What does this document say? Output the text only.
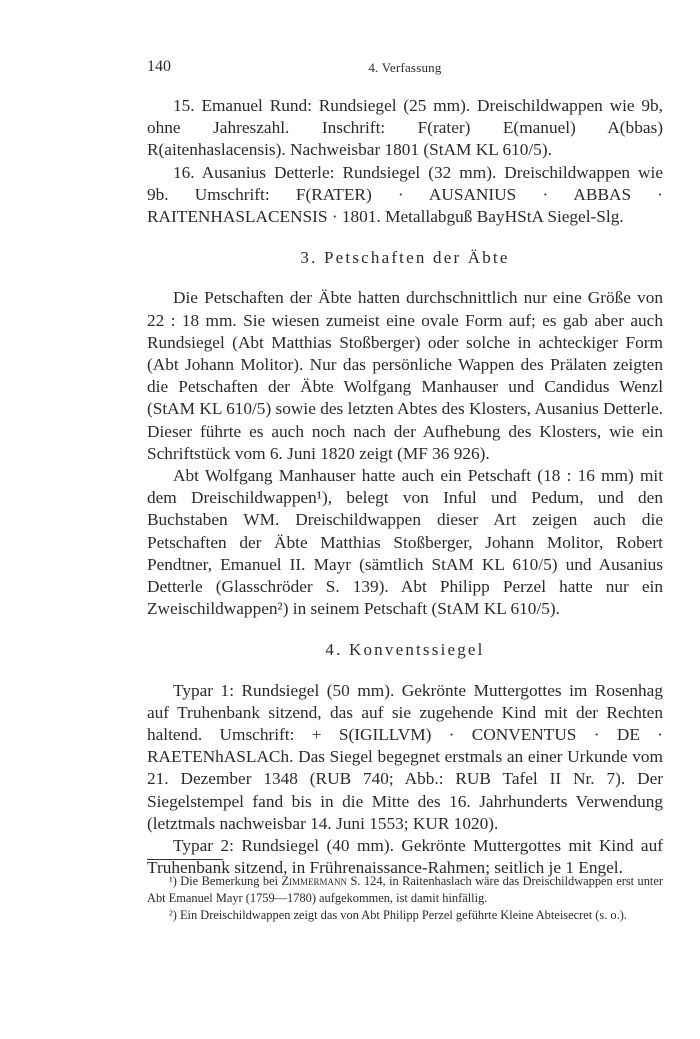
140	4. Verfassung

15. Emanuel Rund: Rundsiegel (25 mm). Dreischildwappen wie 9b, ohne Jahreszahl. Inschrift: F(rater) E(manuel) A(bbas) R(aitenhaslacensis). Nachweisbar 1801 (StAM KL 610/5).

16. Ausanius Detterle: Rundsiegel (32 mm). Dreischildwappen wie 9b. Umschrift: F(RATER) · AUSANIUS · ABBAS · RAITENHASLACENSIS · 1801. Metallabguß BayHStA Siegel-Slg.

3. Petschaften der Äbte

Die Petschaften der Äbte hatten durchschnittlich nur eine Größe von 22 : 18 mm. Sie wiesen zumeist eine ovale Form auf; es gab aber auch Rundsiegel (Abt Matthias Stoßberger) oder solche in achteckiger Form (Abt Johann Molitor). Nur das persönliche Wappen des Prälaten zeigten die Petschaften der Äbte Wolfgang Manhauser und Candidus Wenzl (StAM KL 610/5) sowie des letzten Abtes des Klosters, Ausanius Detterle. Dieser führte es auch noch nach der Aufhebung des Klosters, wie ein Schriftstück vom 6. Juni 1820 zeigt (MF 36 926).

Abt Wolfgang Manhauser hatte auch ein Petschaft (18 : 16 mm) mit dem Dreischildwappen¹), belegt von Inful und Pedum, und den Buchstaben WM. Dreischildwappen dieser Art zeigen auch die Petschaften der Äbte Matthias Stoßberger, Johann Molitor, Robert Pendtner, Emanuel II. Mayr (sämtlich StAM KL 610/5) und Ausanius Detterle (Glasschröder S. 139). Abt Philipp Perzel hatte nur ein Zweischildwappen²) in seinem Petschaft (StAM KL 610/5).

4. Konventssiegel

Typar 1: Rundsiegel (50 mm). Gekrönte Muttergottes im Rosenhag auf Truhenbank sitzend, das auf sie zugehende Kind mit der Rechten haltend. Umschrift: + S(IGILLVM) · CONVENTUS · DE · RAETENhASLACh. Das Siegel begegnet erstmals an einer Urkunde vom 21. Dezember 1348 (RUB 740; Abb.: RUB Tafel II Nr. 7). Der Siegelstempel fand bis in die Mitte des 16. Jahrhunderts Verwendung (letztmals nachweisbar 14. Juni 1553; KUR 1020).

Typar 2: Rundsiegel (40 mm). Gekrönte Muttergottes mit Kind auf Truhenbank sitzend, in Frührenaissance-Rahmen; seitlich je 1 Engel.

¹) Die Bemerkung bei Zimmermann S. 124, in Raitenhaslach wäre das Dreischildwappen erst unter Abt Emanuel Mayr (1759—1780) aufgekommen, ist damit hinfällig.

²) Ein Dreischildwappen zeigt das von Abt Philipp Perzel geführte Kleine Abteisecret (s. o.).
